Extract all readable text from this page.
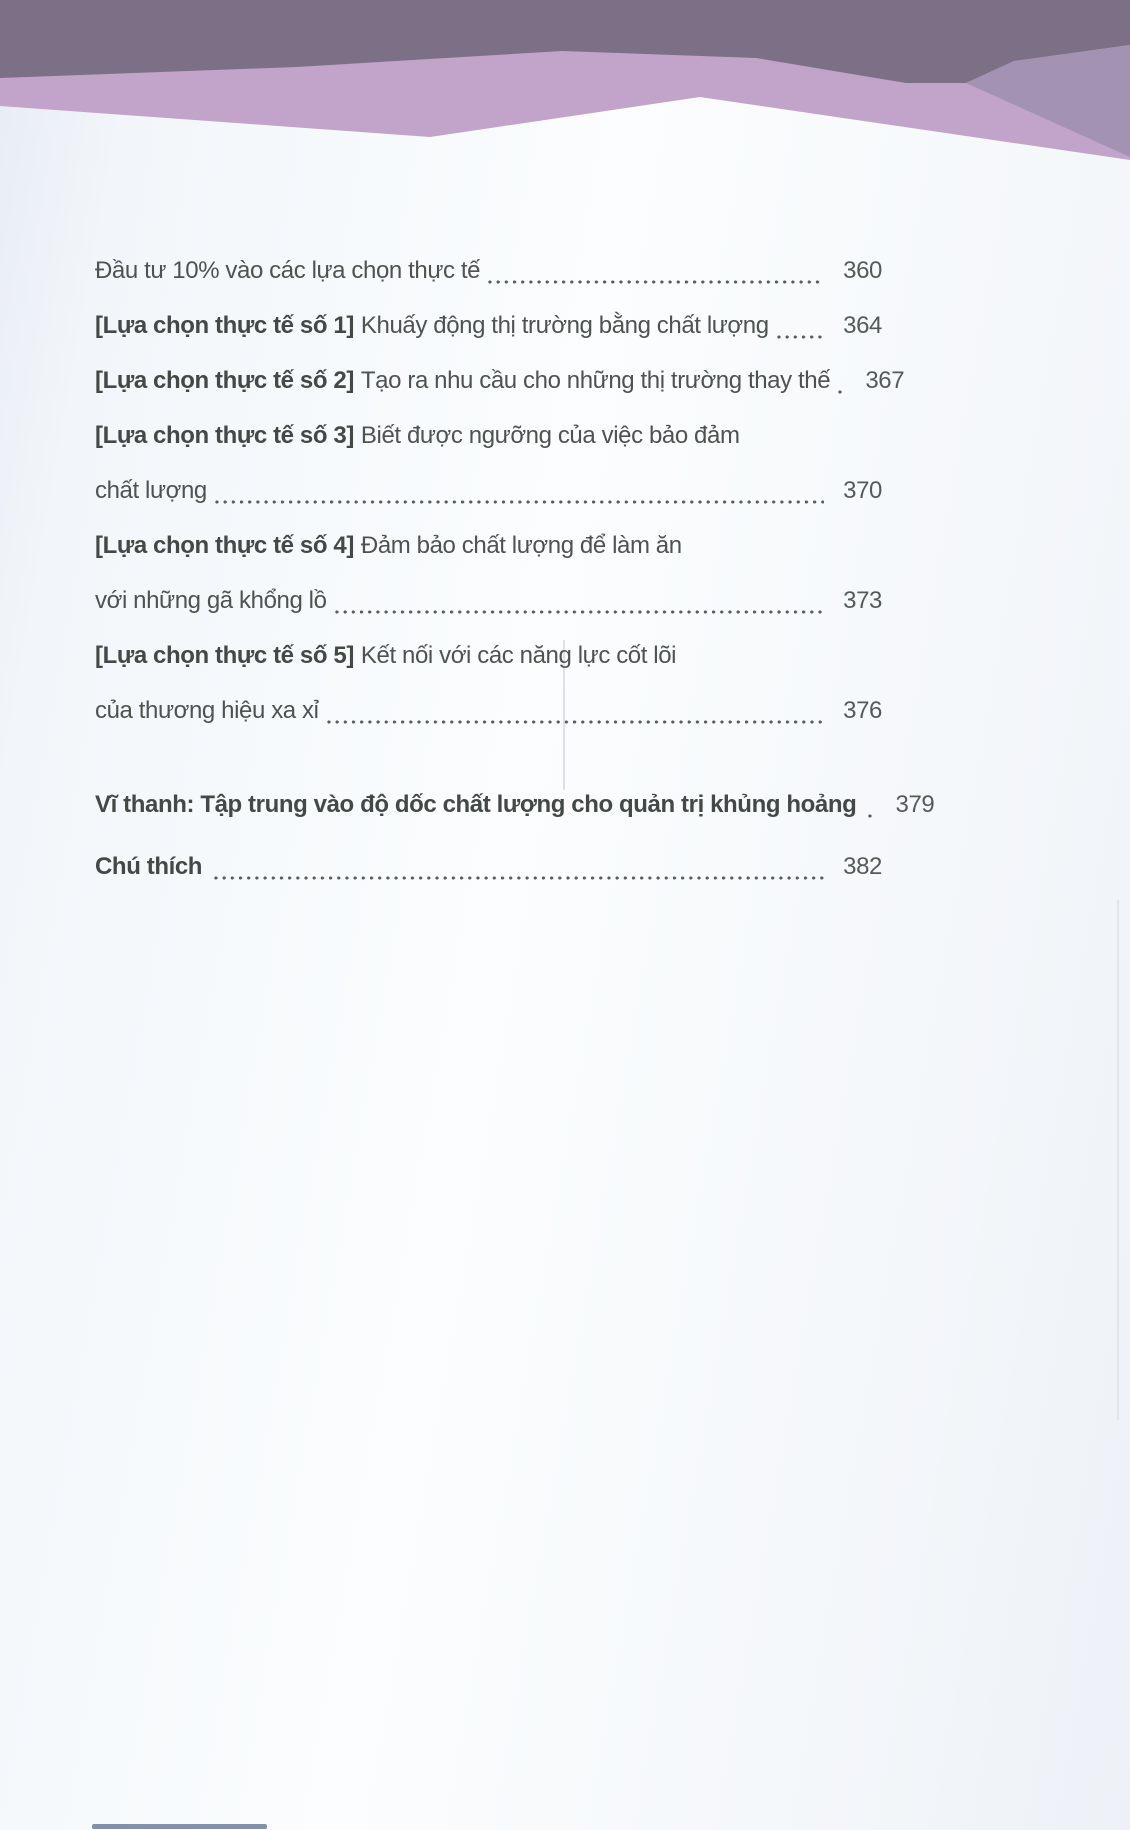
Đầu tư 10% vào các lựa chọn thực tế	360
[Lựa chọn thực tế số 1] Khuấy động thị trường bằng chất lượng	364
[Lựa chọn thực tế số 2] Tạo ra nhu cầu cho những thị trường thay thế	367
[Lựa chọn thực tế số 3] Biết được ngưỡng của việc bảo đảm
chất lượng	370
[Lựa chọn thực tế số 4] Đảm bảo chất lượng để làm ăn
với những gã khổng lồ	373
[Lựa chọn thực tế số 5] Kết nối với các năng lực cốt lõi
của thương hiệu xa xỉ	376
Vĩ thanh: Tập trung vào độ dốc chất lượng cho quản trị khủng hoảng	379
Chú thích	382
